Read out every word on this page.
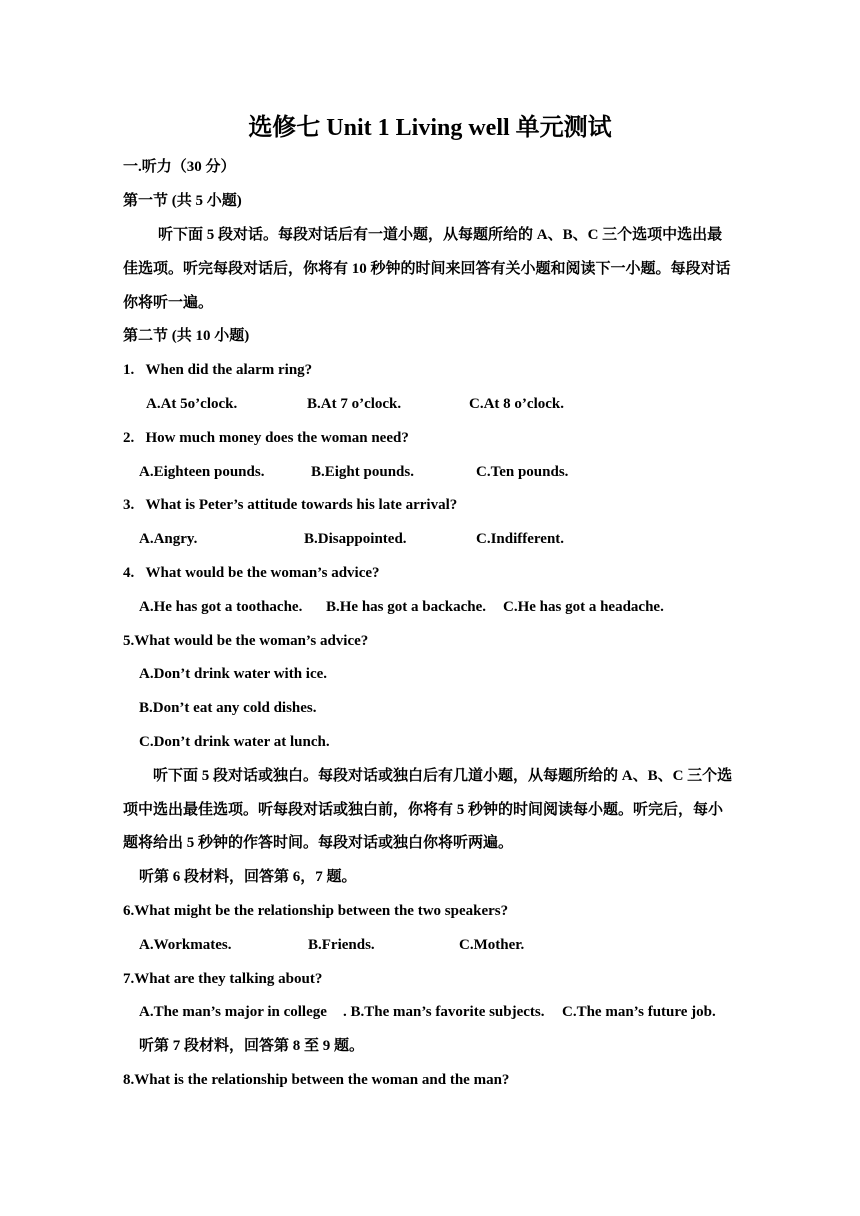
选修七 Unit 1 Living well 单元测试
一.听力（30 分）
第一节 (共 5 小题)
听下面 5 段对话。每段对话后有一道小题，从每题所给的 A、B、C 三个选项中选出最
佳选项。听完每段对话后，你将有 10 秒钟的时间来回答有关小题和阅读下一小题。每段对话
你将听一遍。
第二节 (共 10 小题)
1.   When did the alarm ring?
A.At 5o’clock.	B.At 7 o’clock.	C.At 8 o’clock.
2.   How much money does the woman need?
A.Eighteen pounds.	B.Eight pounds.	C.Ten pounds.
3.   What is Peter’s attitude towards his late arrival?
A.Angry.	B.Disappointed.	C.Indifferent.
4.   What would be the woman’s advice?
A.He has got a toothache. B.He has got a backache. C.He has got a headache.
5.What would be the woman’s advice?
A.Don’t drink water with ice.
B.Don’t eat any cold dishes.
C.Don’t drink water at lunch.
听下面 5 段对话或独白。每段对话或独白后有几道小题，从每题所给的 A、B、C 三个选
项中选出最佳选项。听每段对话或独白前，你将有 5 秒钟的时间阅读每小题。听完后，每小
题将给出 5 秒钟的作答时间。每段对话或独白你将听两遍。
听第 6 段材料，回答第 6，7 题。
6.What might be the relationship between the two speakers?
A.Workmates.	B.Friends.	C.Mother.
7.What are they talking about?
A.The man’s major in college . B.The man’s favorite subjects. C.The man’s future job.
听第 7 段材料，回答第 8 至 9 题。
8.What is the relationship between the woman and the man?
